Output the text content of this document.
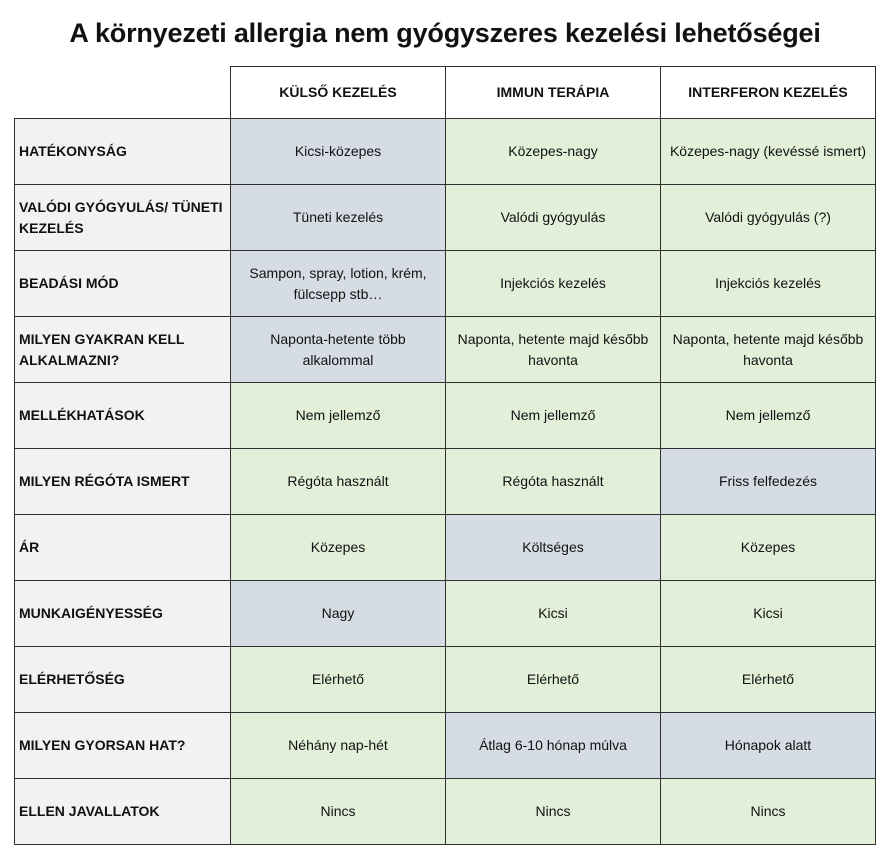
A környezeti allergia nem gyógyszeres kezelési lehetőségei
	KÜLSŐ KEZELÉS	IMMUN TERÁPIA	INTERFERON KEZELÉS
HATÉKONYSÁG	Kicsi-közepes	Közepes-nagy	Közepes-nagy (kevéssé ismert)
VALÓDI GYÓGYULÁS/ TÜNETI KEZELÉS	Tüneti kezelés	Valódi gyógyulás	Valódi gyógyulás (?)
BEADÁSI MÓD	Sampon, spray, lotion, krém, fülcsepp stb…	Injekciós kezelés	Injekciós kezelés
MILYEN GYAKRAN KELL ALKALMAZNI?	Naponta-hetente több alkalommal	Naponta, hetente majd később havonta	Naponta, hetente majd később havonta
MELLÉKHATÁSOK	Nem jellemző	Nem jellemző	Nem jellemző
MILYEN RÉGÓTA ISMERT	Régóta használt	Régóta használt	Friss felfedezés
ÁR	Közepes	Költséges	Közepes
MUNKAIGÉNYESSÉG	Nagy	Kicsi	Kicsi
ELÉRHETŐSÉG	Elérhető	Elérhető	Elérhető
MILYEN GYORSAN HAT?	Néhány nap-hét	Átlag 6-10 hónap múlva	Hónapok alatt
ELLEN JAVALLATOK	Nincs	Nincs	Nincs
